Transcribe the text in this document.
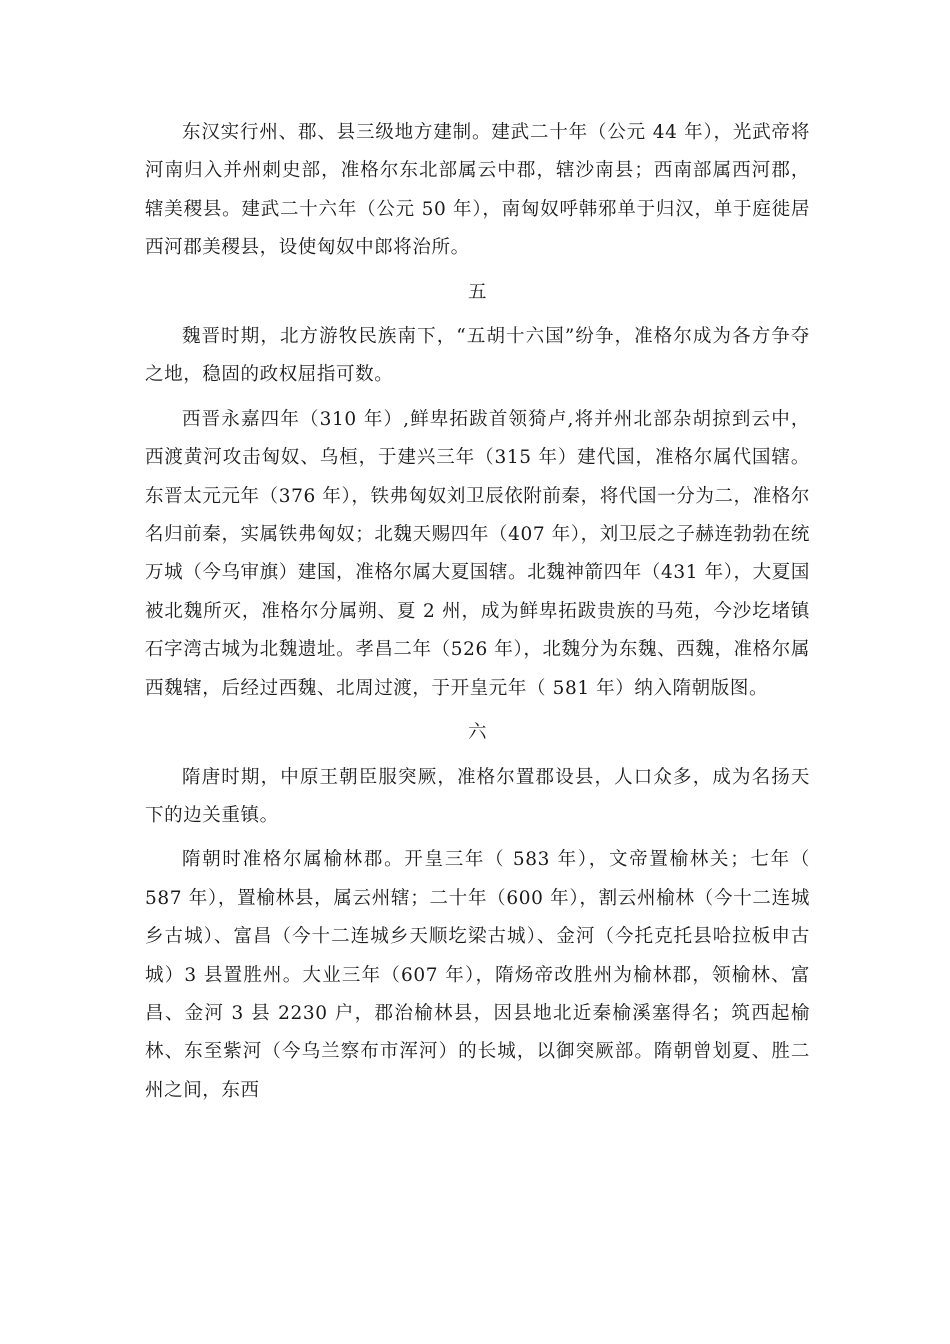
东汉实行州、郡、县三级地方建制。建武二十年（公元 44 年），光武帝将河南归入并州刺史部，准格尔东北部属云中郡，辖沙南县；西南部属西河郡，辖美稷县。建武二十六年（公元 50 年），南匈奴呼韩邪单于归汉，单于庭徙居西河郡美稷县，设使匈奴中郎将治所。

五

魏晋时期，北方游牧民族南下，“五胡十六国”纷争，准格尔成为各方争夺之地，稳固的政权屈指可数。

西晋永嘉四年（310 年）,鲜卑拓跋首领猗卢,将并州北部杂胡掠到云中，西渡黄河攻击匈奴、乌桓，于建兴三年（315 年）建代国，准格尔属代国辖。东晋太元元年（376 年），铁弗匈奴刘卫辰依附前秦，将代国一分为二，准格尔名归前秦，实属铁弗匈奴；北魏天赐四年（407 年），刘卫辰之子赫连勃勃在统万城（今乌审旗）建国，准格尔属大夏国辖。北魏神箭四年（431 年），大夏国被北魏所灭，准格尔分属朔、夏 2 州，成为鲜卑拓跋贵族的马苑，今沙圪堵镇石字湾古城为北魏遗址。孝昌二年（526 年），北魏分为东魏、西魏，准格尔属西魏辖，后经过西魏、北周过渡，于开皇元年（ 581 年）纳入隋朝版图。

六

隋唐时期，中原王朝臣服突厥，准格尔置郡设县，人口众多，成为名扬天下的边关重镇。

隋朝时准格尔属榆林郡。开皇三年（ 583 年），文帝置榆林关；七年（ 587 年），置榆林县，属云州辖；二十年（600 年），割云州榆林（今十二连城乡古城）、富昌（今十二连城乡天顺圪梁古城）、金河（今托克托县哈拉板申古城）3 县置胜州。大业三年（607 年），隋炀帝改胜州为榆林郡，领榆林、富昌、金河 3 县 2230 户，郡治榆林县，因县地北近秦榆溪塞得名；筑西起榆林、东至紫河（今乌兰察布市浑河）的长城，以御突厥部。隋朝曾划夏、胜二州之间，东西
